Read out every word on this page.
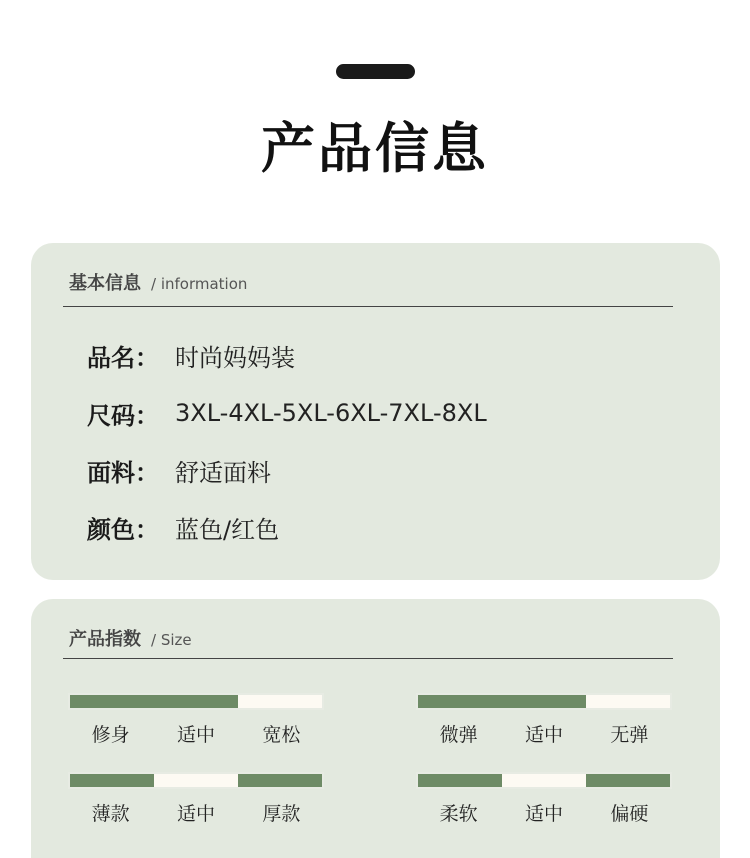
产品信息
基本信息 / information
品名： 时尚妈妈装
尺码： 3XL-4XL-5XL-6XL-7XL-8XL
面料： 舒适面料
颜色： 蓝色/红色
产品指数 / Size
修身	适中	宽松	微弹	适中	无弹
薄款	适中	厚款	柔软	适中	偏硬
